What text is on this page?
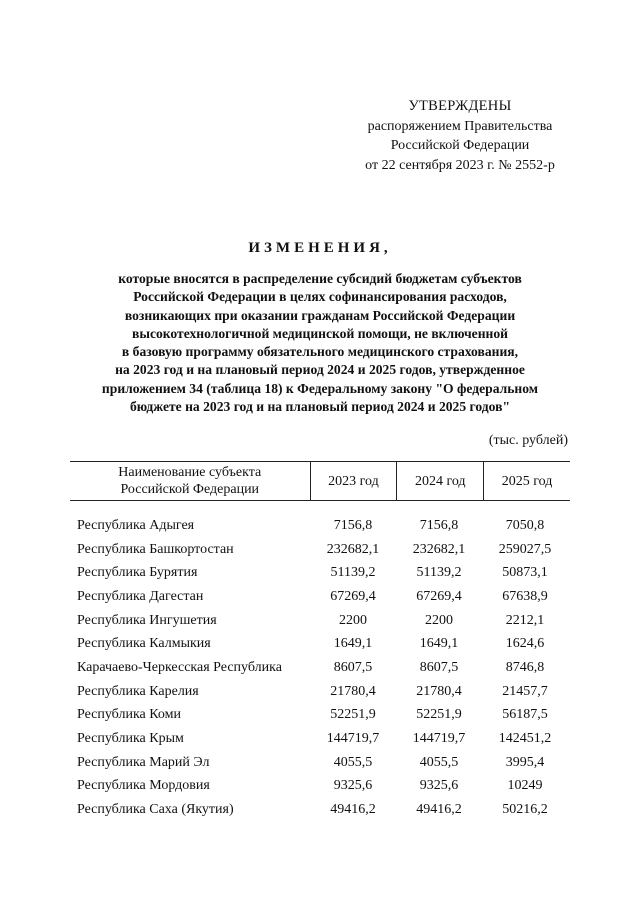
УТВЕРЖДЕНЫ
распоряжением Правительства
Российской Федерации
от 22 сентября 2023 г. № 2552-р
ИЗМЕНЕНИЯ,
которые вносятся в распределение субсидий бюджетам субъектов
Российской Федерации в целях софинансирования расходов,
возникающих при оказании гражданам Российской Федерации
высокотехнологичной медицинской помощи, не включенной
в базовую программу обязательного медицинского страхования,
на 2023 год и на плановый период 2024 и 2025 годов, утвержденное
приложением 34 (таблица 18) к Федеральному закону "О федеральном
бюджете на 2023 год и на плановый период 2024 и 2025 годов"
(тыс. рублей)
Наименование субъекта
Российской Федерации
2023 год	2024 год	2025 год
Республика Адыгея	7156,8	7156,8	7050,8
Республика Башкортостан	232682,1	232682,1	259027,5
Республика Бурятия	51139,2	51139,2	50873,1
Республика Дагестан	67269,4	67269,4	67638,9
Республика Ингушетия	2200	2200	2212,1
Республика Калмыкия	1649,1	1649,1	1624,6
Карачаево-Черкесская Республика	8607,5	8607,5	8746,8
Республика Карелия	21780,4	21780,4	21457,7
Республика Коми	52251,9	52251,9	56187,5
Республика Крым	144719,7	144719,7	142451,2
Республика Марий Эл	4055,5	4055,5	3995,4
Республика Мордовия	9325,6	9325,6	10249
Республика Саха (Якутия)	49416,2	49416,2	50216,2
